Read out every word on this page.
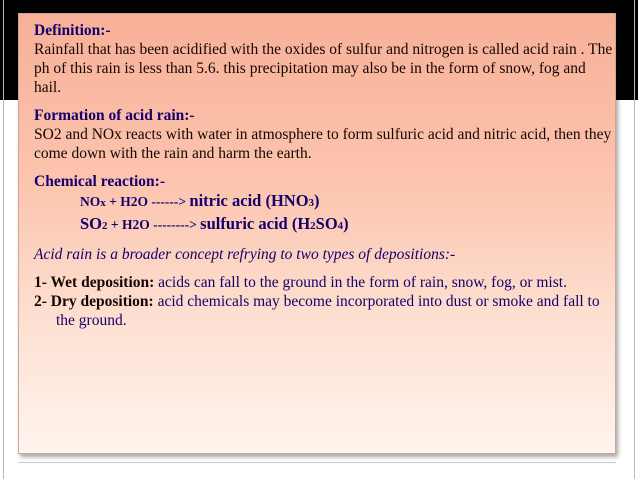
Definition:-

Rainfall that has been acidified with the oxides of sulfur and nitrogen is called acid rain . The ph of this rain is less than 5.6. this precipitation may also be in the form of snow, fog and hail.

Formation of acid rain:-

SO2 and NOx reacts with water in atmosphere to form sulfuric acid and nitric acid, then they come down with the rain and harm the earth.

Chemical reaction:-
NOx + H2O ------> nitric acid (HNO3)
SO2 + H2O --------> sulfuric acid (H2SO4)

Acid rain is a broader concept refrying to two types of depositions:-

1- Wet deposition: acids can fall to the ground in the form of rain, snow, fog, or mist.

2- Dry deposition: acid chemicals may become incorporated into dust or smoke and fall to the ground.
